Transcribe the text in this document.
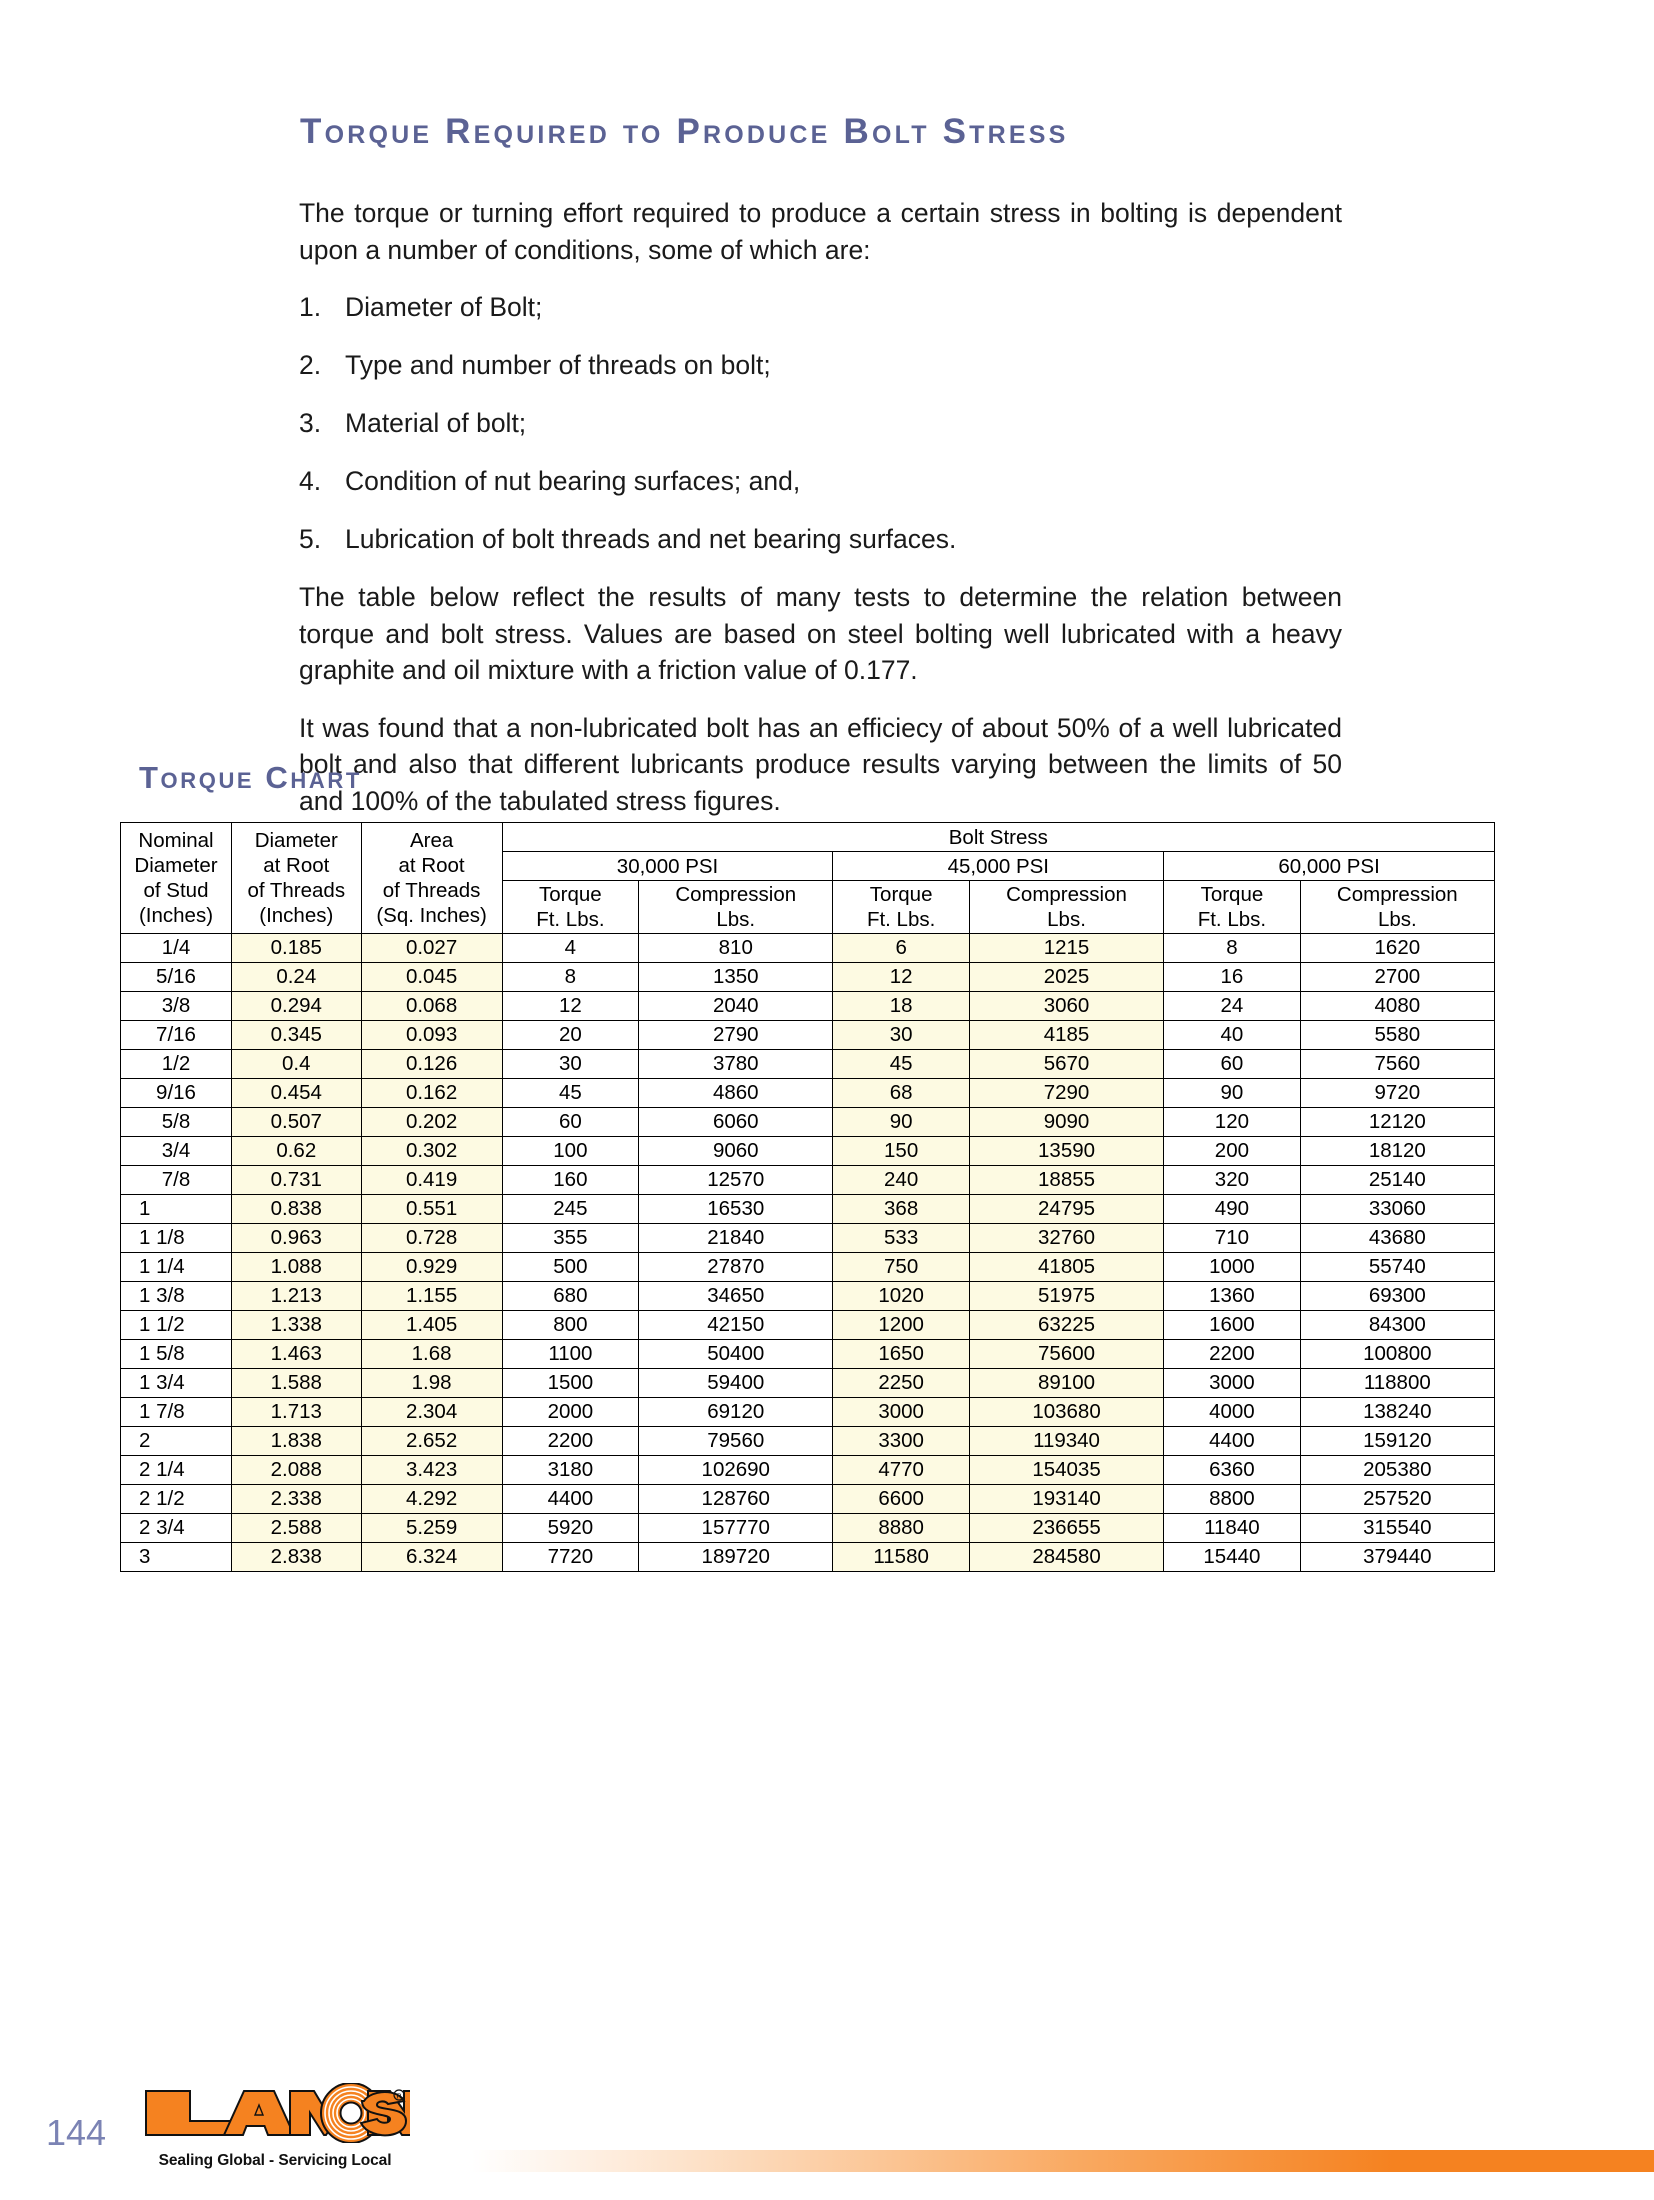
Torque Required to Produce Bolt Stress

The torque or turning effort required to produce a certain stress in bolting is dependent upon a number of conditions, some of which are:

1. Diameter of Bolt;
2. Type and number of threads on bolt;
3. Material of bolt;
4. Condition of nut bearing surfaces; and,
5. Lubrication of bolt threads and net bearing surfaces.

The table below reflect the results of many tests to determine the relation between torque and bolt stress. Values are based on steel bolting well lubricated with a heavy graphite and oil mixture with a friction value of 0.177.

It was found that a non-lubricated bolt has an efficiecy of about 50% of a well lubricated bolt and also that different lubricants produce results varying between the limits of 50 and 100% of the tabulated stress figures.

Torque Chart
Nominal
Diameter
of Stud
(Inches)	Diameter
at Root
of Threads
(Inches)	Area
at Root
of Threads
(Sq. Inches)	Bolt Stress					
			30,000 PSI		45,000 PSI		60,000 PSI	

			Torque
Ft. Lbs.	Compression
Lbs.	Torque
Ft. Lbs.	Compression
Lbs.	Torque
Ft. Lbs.	Compression
Lbs.

1/4	0.185	0.027	4	810	6	1215	8	1620
5/16	0.24	0.045	8	1350	12	2025	16	2700
3/8	0.294	0.068	12	2040	18	3060	24	4080
7/16	0.345	0.093	20	2790	30	4185	40	5580
1/2	0.4	0.126	30	3780	45	5670	60	7560
9/16	0.454	0.162	45	4860	68	7290	90	9720
5/8	0.507	0.202	60	6060	90	9090	120	12120
3/4	0.62	0.302	100	9060	150	13590	200	18120
7/8	0.731	0.419	160	12570	240	18855	320	25140
1	0.838	0.551	245	16530	368	24795	490	33060
1 1/8	0.963	0.728	355	21840	533	32760	710	43680
1 1/4	1.088	0.929	500	27870	750	41805	1000	55740
1 3/8	1.213	1.155	680	34650	1020	51975	1360	69300
1 1/2	1.338	1.405	800	42150	1200	63225	1600	84300
1 5/8	1.463	1.68	1100	50400	1650	75600	2200	100800
1 3/4	1.588	1.98	1500	59400	2250	89100	3000	118800
1 7/8	1.713	2.304	2000	69120	3000	103680	4000	138240
2	1.838	2.652	2200	79560	3300	119340	4400	159120
2 1/4	2.088	3.423	3180	102690	4770	154035	6360	205380
2 1/2	2.338	4.292	4400	128760	6600	193140	8800	257520
2 3/4	2.588	5.259	5920	157770	8880	236655	11840	315540
3	2.838	6.324	7720	189720	11580	284580	15440	379440
144
R
Sealing Global - Servicing Local
